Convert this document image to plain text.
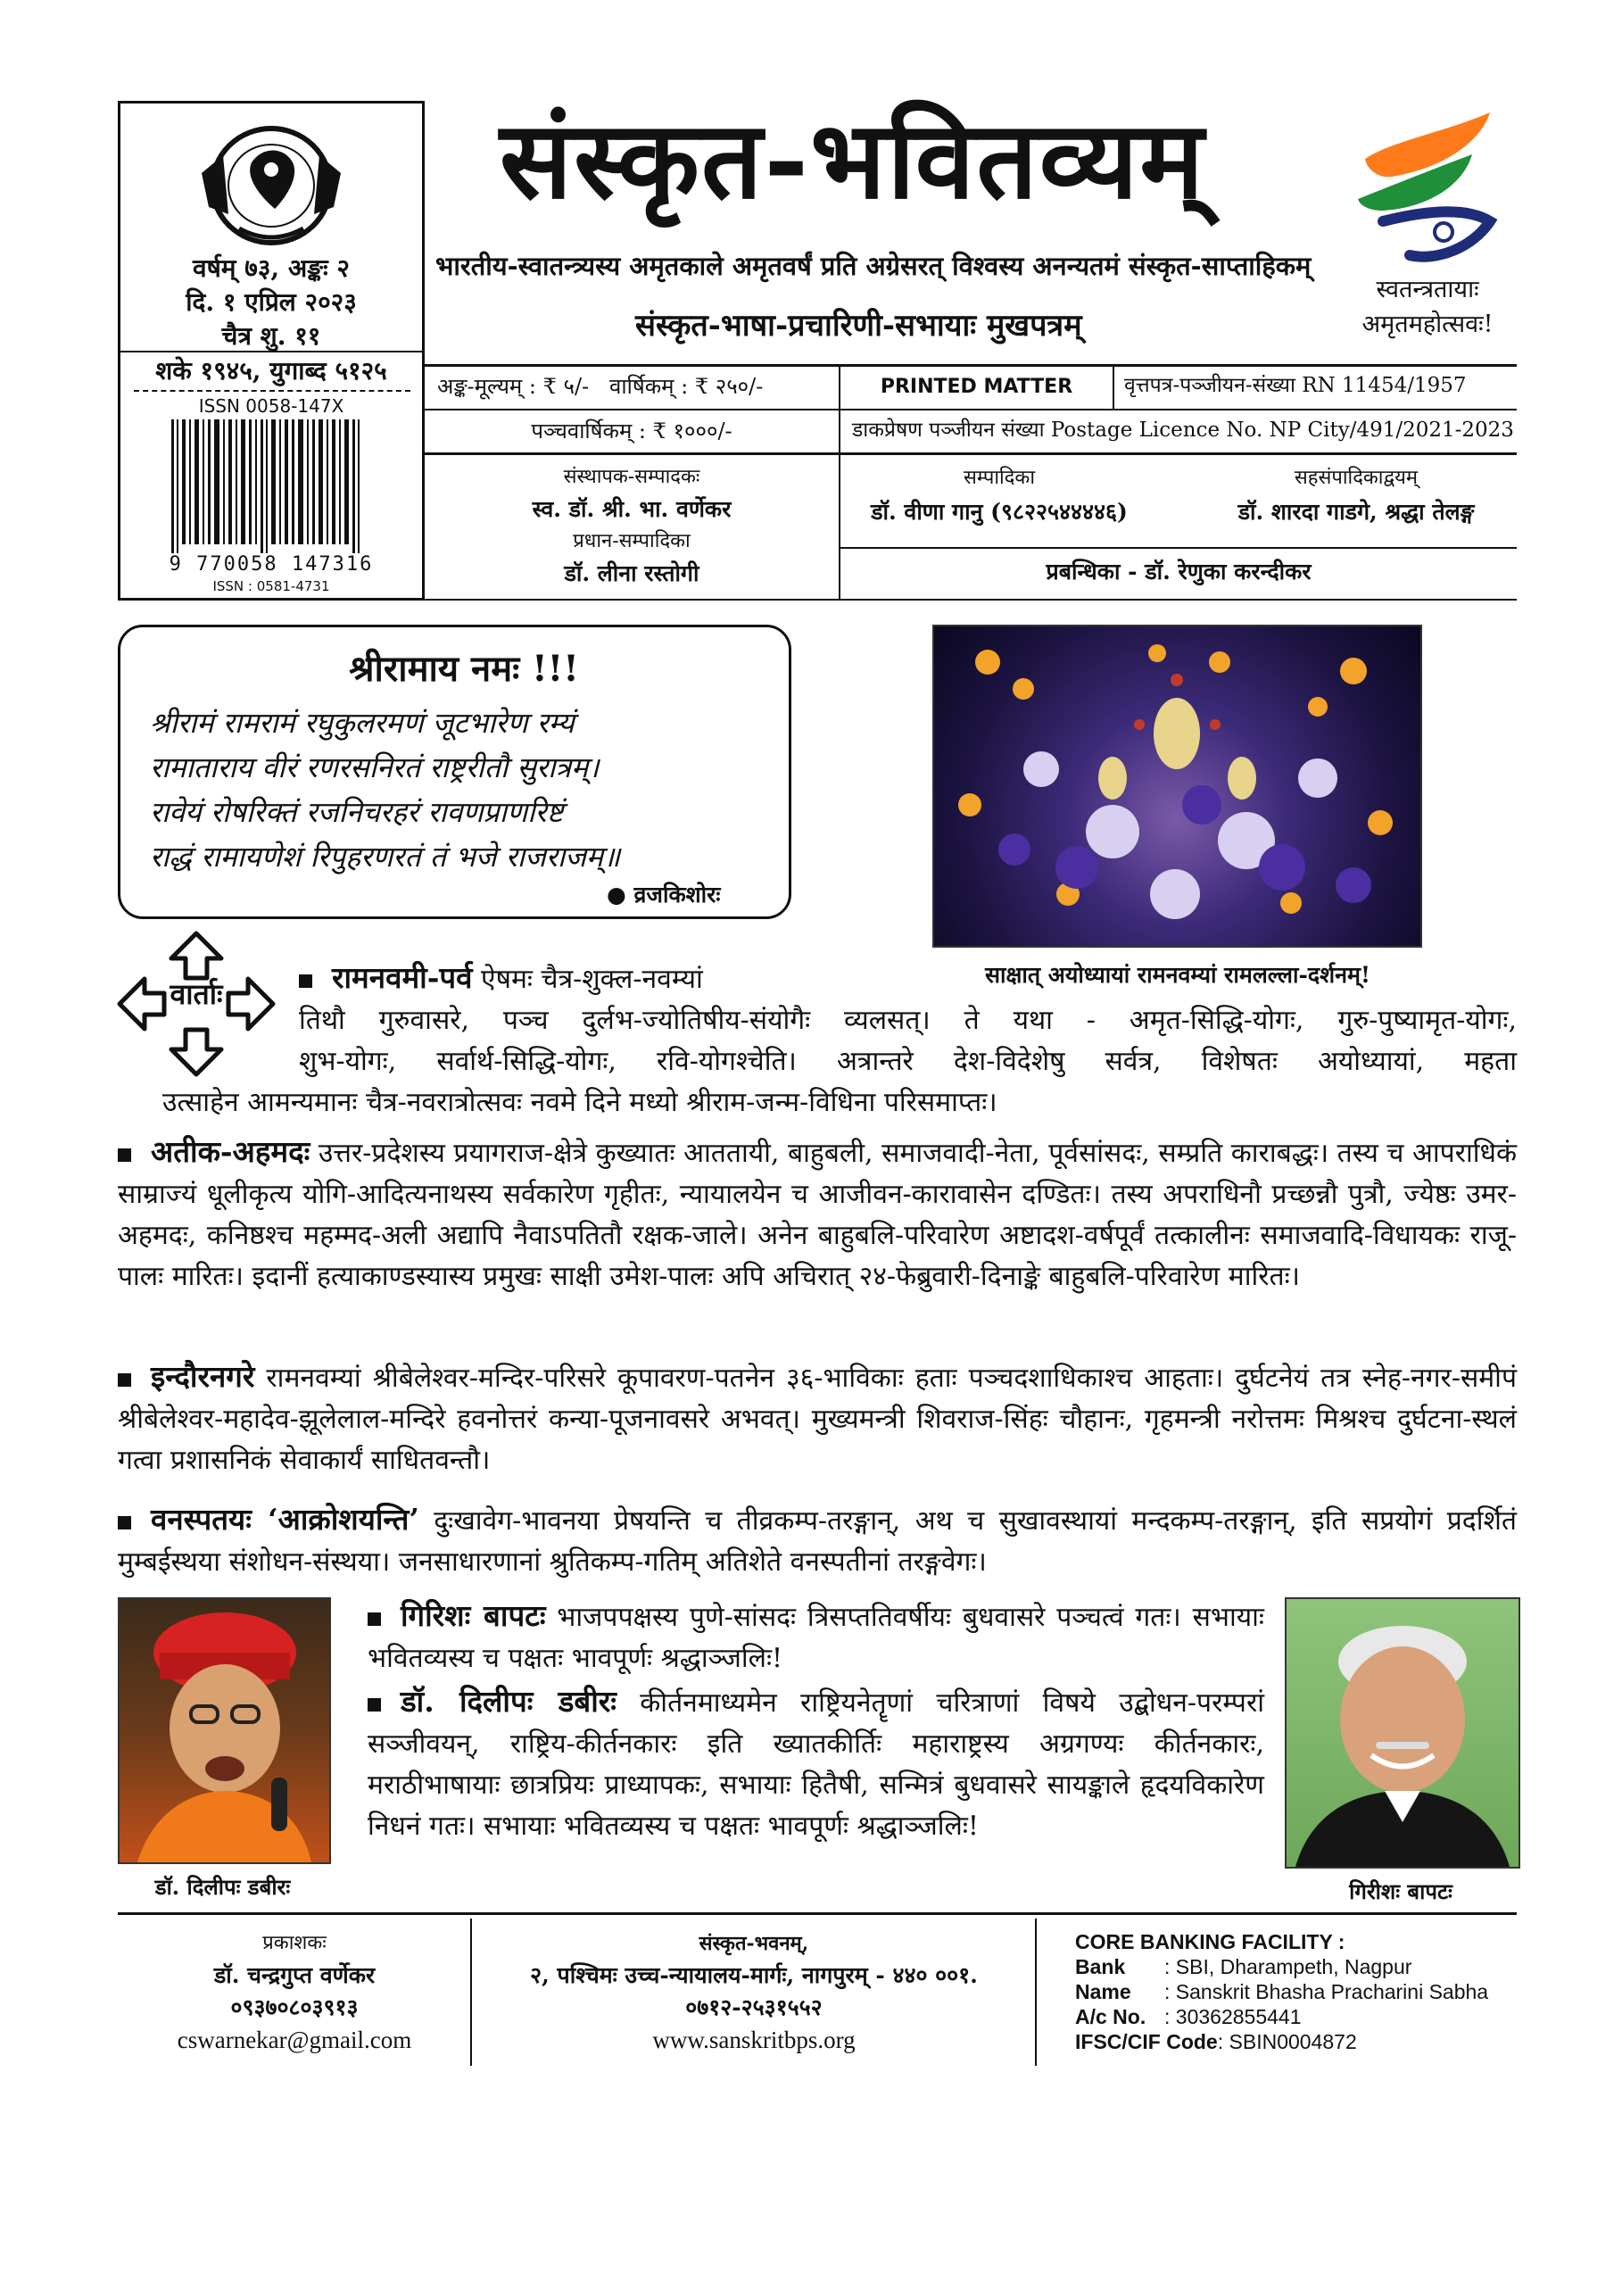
वर्षम् ७३, अङ्कः २
दि. १ एप्रिल २०२३
चैत्र शु. ११
शके १९४५, युगाब्द ५१२५
ISSN 0058-147X
9 770058 147316
ISSN : 0581-4731
संस्कृत-भवितव्यम्
भारतीय-स्वातन्त्र्यस्य अमृतकाले अमृतवर्षं प्रति अग्रेसरत् विश्वस्य अनन्यतमं संस्कृत-साप्ताहिकम्
संस्कृत-भाषा-प्रचारिणी-सभायाः मुखपत्रम्
स्वतन्त्रतायाः
अमृतमहोत्सवः!
अङ्क-मूल्यम् : ₹ ५/- वार्षिकम् : ₹ २५०/-	PRINTED MATTER	वृत्तपत्र-पञ्जीयन-संख्या RN 11454/1957
पञ्चवार्षिकम् : ₹ १०००/-	डाकप्रेषण पञ्जीयन संख्या Postage Licence No. NP City/491/2021-2023
संस्थापक-सम्पादकः
स्व. डॉ. श्री. भा. वर्णेकर
प्रधान-सम्पादिका
डॉ. लीना रस्तोगी
सम्पादिका
डॉ. वीणा गानु (९८२२५४४४४६)
सहसंपादिकाद्वयम्
डॉ. शारदा गाडगे, श्रद्धा तेलङ्ग
प्रबन्धिका - डॉ. रेणुका करन्दीकर
श्रीरामाय नमः !!!
श्रीरामं रामरामं रघुकुलरमणं जूटभारेण रम्यं
रामाताराय वीरं रणरसनिरतं राष्ट्ररीतौ सुरात्रम्।
रावेयं रोषरिक्तं रजनिचरहरं रावणप्राणरिष्टं
राद्धं रामायणेशं रिपुहरणरतं तं भजे राजराजम्॥
● व्रजकिशोरः
साक्षात् अयोध्यायां रामनवम्यां रामलल्ला-दर्शनम्!
वार्ताः	रामनवमी-पर्व ऐषमः चैत्र-शुक्ल-नवम्यां
तिथौ गुरुवासरे, पञ्च दुर्लभ-ज्योतिषीय-संयोगैः व्यलसत्। ते यथा - अमृत-सिद्धि-योगः, गुरु-पुष्यामृत-योगः,
शुभ-योगः, सर्वार्थ-सिद्धि-योगः, रवि-योगश्चेति। अत्रान्तरे देश-विदेशेषु सर्वत्र, विशेषतः अयोध्यायां, महता
उत्साहेन आमन्यमानः चैत्र-नवरात्रोत्सवः नवमे दिने मध्यो श्रीराम-जन्म-विधिना परिसमाप्तः।
अतीक-अहमदः उत्तर-प्रदेशस्य प्रयागराज-क्षेत्रे कुख्यातः आततायी, बाहुबली, समाजवादी-नेता, पूर्वसांसदः, सम्प्रति काराबद्धः। तस्य च आपराधिकं साम्राज्यं धूलीकृत्य योगि-आदित्यनाथस्य सर्वकारेण गृहीतः, न्यायालयेन च आजीवन-कारावासेन दण्डितः। तस्य अपराधिनौ प्रच्छन्नौ पुत्रौ, ज्येष्ठः उमर-अहमदः, कनिष्ठश्च महम्मद-अली अद्यापि नैवाऽपतितौ रक्षक-जाले। अनेन बाहुबलि-परिवारेण अष्टादश-वर्षपूर्वं तत्कालीनः समाजवादि-विधायकः राजू-पालः मारितः। इदानीं हत्याकाण्डस्यास्य प्रमुखः साक्षी उमेश-पालः अपि अचिरात् २४-फेब्रुवारी-दिनाङ्के बाहुबलि-परिवारेण मारितः।
इन्दौरनगरे रामनवम्यां श्रीबेलेश्वर-मन्दिर-परिसरे कूपावरण-पतनेन ३६-भाविकाः हताः पञ्चदशाधिकाश्च आहताः। दुर्घटनेयं तत्र स्नेह-नगर-समीपं श्रीबेलेश्वर-महादेव-झूलेलाल-मन्दिरे हवनोत्तरं कन्या-पूजनावसरे अभवत्। मुख्यमन्त्री शिवराज-सिंहः चौहानः, गृहमन्त्री नरोत्तमः मिश्रश्च दुर्घटना-स्थलं गत्वा प्रशासनिकं सेवाकार्यं साधितवन्तौ।
वनस्पतयः ‘आक्रोशयन्ति’ दुःखावेग-भावनया प्रेषयन्ति च तीव्रकम्प-तरङ्गान्, अथ च सुखावस्थायां मन्दकम्प-तरङ्गान्, इति सप्रयोगं प्रदर्शितं मुम्बईस्थया संशोधन-संस्थया। जनसाधारणानां श्रुतिकम्प-गतिम् अतिशेते वनस्पतीनां तरङ्गवेगः।
डॉ. दिलीपः डबीरः	गिरीशः बापटः
गिरिशः बापटः भाजपपक्षस्य पुणे-सांसदः त्रिसप्ततिवर्षीयः बुधवासरे पञ्चत्वं गतः। सभायाः भवितव्यस्य च पक्षतः भावपूर्णः श्रद्धाञ्जलिः!
डॉ. दिलीपः डबीरः कीर्तनमाध्यमेन राष्ट्रियनेतॄणां चरित्राणां विषये उद्बोधन-परम्परां सञ्जीवयन्, राष्ट्रिय-कीर्तनकारः इति ख्यातकीर्तिः महाराष्ट्रस्य अग्रगण्यः कीर्तनकारः, मराठीभाषायाः छात्रप्रियः प्राध्यापकः, सभायाः हितैषी, सन्मित्रं बुधवासरे सायङ्काले हृदयविकारेण निधनं गतः। सभायाः भवितव्यस्य च पक्षतः भावपूर्णः श्रद्धाञ्जलिः!
प्रकाशकः
डॉ. चन्द्रगुप्त वर्णेकर
०९३७०८०३९१३
cswarnekar@gmail.com
संस्कृत-भवनम्,
२, पश्चिमः उच्च-न्यायालय-मार्गः, नागपुरम् - ४४० ००१.
०७१२-२५३१५५२
www.sanskritbps.org
CORE BANKING FACILITY :
Bank : SBI, Dharampeth, Nagpur
Name : Sanskrit Bhasha Pracharini Sabha
A/c No. : 30362855441
IFSC/CIF Code: SBIN0004872
